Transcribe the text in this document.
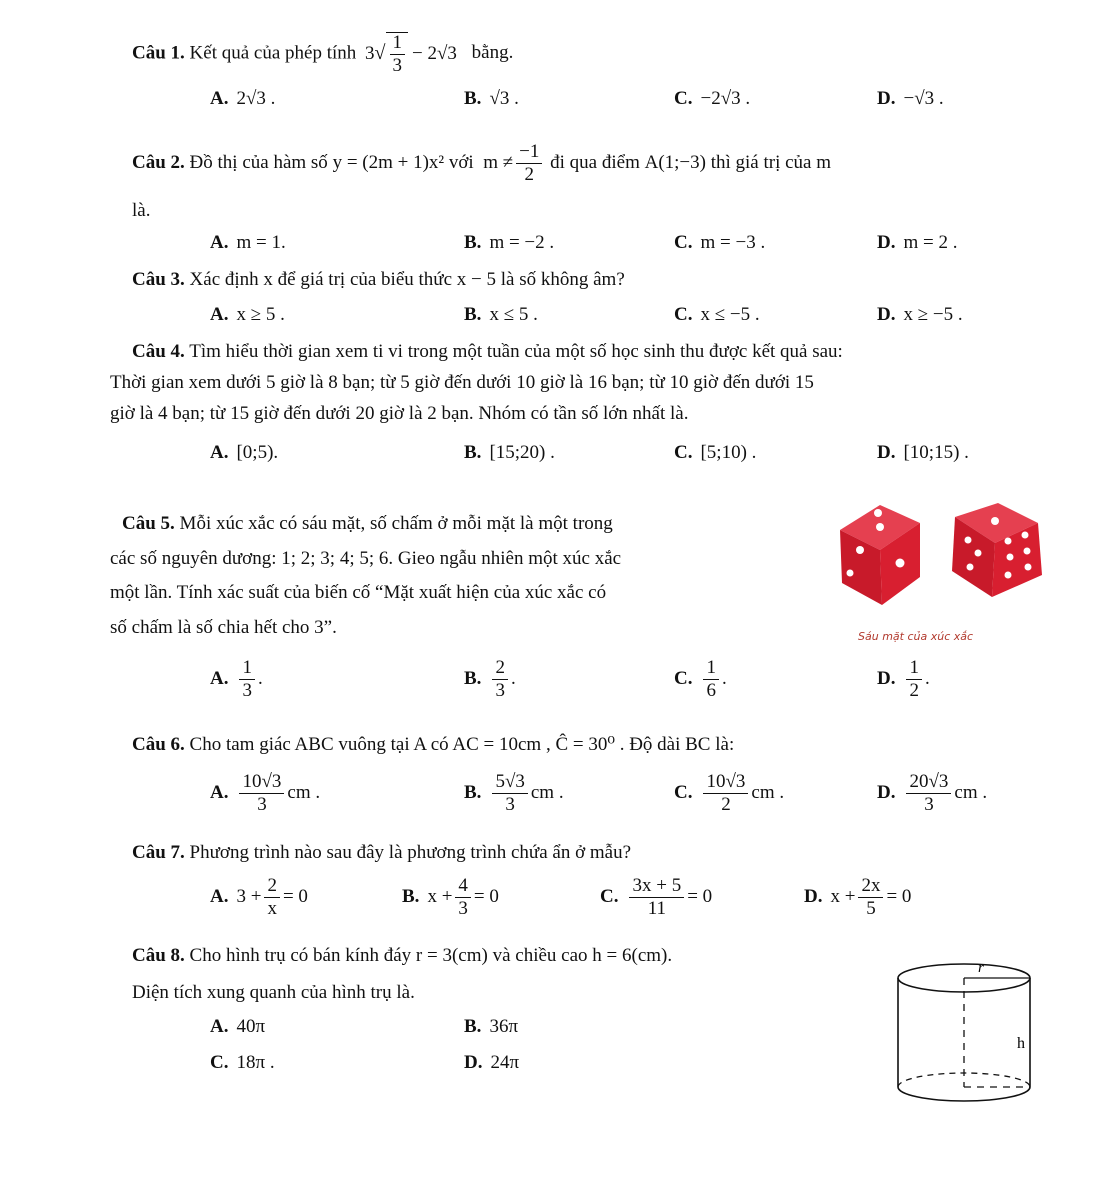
Câu 1. Kết quả của phép tính 3 √ $\frac{1}{3} - 2√3$ bằng.
A. 2√3 .	B. √3 .	C. −2√3 .	D. −√3 .
Câu 2.
Đồ thị của hàm số
y = (2m + 1)x² với
$m \ne \frac{-1}{2}$
đi qua điểm
A(1;−3)
thì giá trị của m
là.
A. m = 1.	B. m = −2 .	C. m = −3 .	D. m = 2 .
Câu 3. Xác định x để giá trị của biểu thức x − 5 là số không âm?
A. x ≥ 5 .	B. x ≤ 5 .	C. x ≤ −5 .	D. x ≥ −5 .
Câu 4. Tìm hiểu thời gian xem ti vi trong một tuần của một số học sinh thu được kết quả sau:
Thời gian xem dưới 5 giờ là 8 bạn; từ 5 giờ đến dưới 10 giờ là 16 bạn; từ 10 giờ đến dưới 15
giờ là 4 bạn; từ 15 giờ đến dưới 20 giờ là 2 bạn. Nhóm có tần số lớn nhất là.
A. [0;5).	B. [15;20) .	C. [5;10) .	D. [10;15) .
Câu 5. Mỗi xúc xắc có sáu mặt, số chấm ở mỗi mặt là một trong
các số nguyên dương: 1; 2; 3; 4; 5; 6. Gieo ngẫu nhiên một xúc xắc
một lần. Tính xác suất của biến cố “Mặt xuất hiện của xúc xắc có
số chấm là số chia hết cho 3”.	Sáu mặt của xúc xắc
A. $\frac{1}{3}$ .	B. $\frac{2}{3}$ .	C. $\frac{1}{6}$ .	D. $\frac{1}{2}$ .
Câu 6. Cho tam giác ABC vuông tại A có AC = 10cm , Ĉ = 30⁰ . Độ dài BC là:
A. $\frac{10√3}{3}$ cm .	B. $\frac{5√3}{3}$ cm .	C. $\frac{10√3}{2}$ cm .	D. $\frac{20√3}{3}$ cm .
Câu 7. Phương trình nào sau đây là phương trình chứa ẩn ở mẫu?
A. $3 + \frac{2}{x} = 0$	B. $x + \frac{4}{3} = 0$	C. $\frac{3x + 5}{11} = 0$	D. $x + \frac{2x}{5} = 0$
Câu 8. Cho hình trụ có bán kính đáy r = 3(cm) và chiều cao h = 6(cm).
Diện tích xung quanh của hình trụ là.
A. 40π	B. 36π
C. 18π .	D. 24π
r
h
